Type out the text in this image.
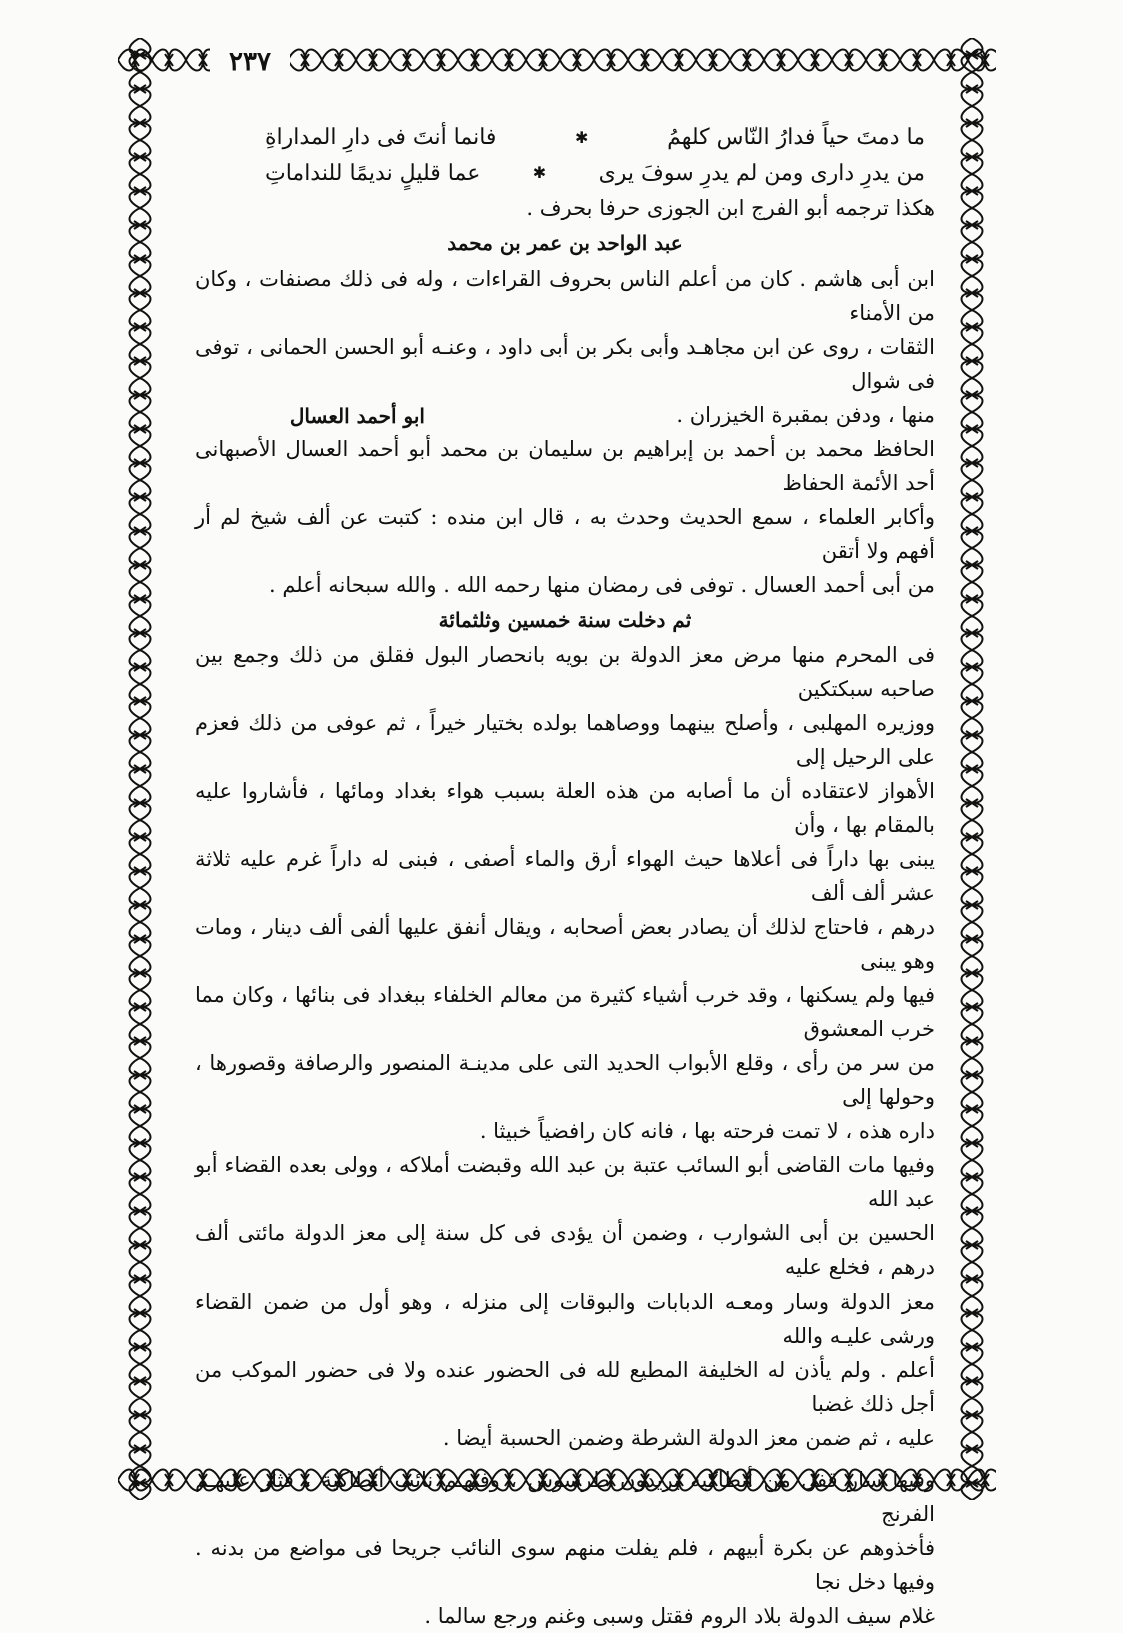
٢٣٧
ما دمتَ حياً فدارُ النّاس كلهمُ
✱
فانما أنتَ فى دارِ المداراةِ
من يدرِ دارى ومن لم يدرِ سوفَ يرى
✱
عما قليلٍ نديمًا للنداماتِ
هكذا ترجمه أبو الفرج ابن الجوزى حرفا بحرف .
عبد الواحد بن عمر بن محمد
ابن أبى هاشم . كان من أعلم الناس بحروف القراءات ، وله فى ذلك مصنفات ، وكان من الأمناء
الثقات ، روى عن ابن مجاهـد وأبى بكر بن أبى داود ، وعنـه أبو الحسن الحمانى ، توفى فى شوال
منها ، ودفن بمقبرة الخيزران .
ابو أحمد العسال
الحافظ محمد بن أحمد بن إبراهيم بن سليمان بن محمد أبو أحمد العسال الأصبهانى أحد الأئمة الحفاظ
وأكابر العلماء ، سمع الحديث وحدث به ، قال ابن منده : كتبت عن ألف شيخ لم أر أفهم ولا أتقن
من أبى أحمد العسال . توفى فى رمضان منها رحمه الله . والله سبحانه أعلم .
ثم دخلت سنة خمسين وثلثمائة
فى المحرم منها مرض معز الدولة بن بويه بانحصار البول فقلق من ذلك وجمع بين صاحبه سبكتكين
ووزيره المهلبى ، وأصلح بينهما ووصاهما بولده بختيار خيراً ، ثم عوفى من ذلك فعزم على الرحيل إلى
الأهواز لاعتقاده أن ما أصابه من هذه العلة بسبب هواء بغداد ومائها ، فأشاروا عليه بالمقام بها ، وأن
يبنى بها داراً فى أعلاها حيث الهواء أرق والماء أصفى ، فبنى له داراً غرم عليه ثلاثة عشر ألف ألف
درهم ، فاحتاج لذلك أن يصادر بعض أصحابه ، ويقال أنفق عليها ألفى ألف دينار ، ومات وهو يبنى
فيها ولم يسكنها ، وقد خرب أشياء كثيرة من معالم الخلفاء ببغداد فى بنائها ، وكان مما خرب المعشوق
من سر من رأى ، وقلع الأبواب الحديد التى على مدينـة المنصور والرصافة وقصورها ، وحولها إلى
داره هذه ، لا تمت فرحته بها ، فانه كان رافضياً خبيثا .
وفيها مات القاضى أبو السائب عتبة بن عبد الله وقبضت أملاكه ، وولى بعده القضاء أبو عبد الله
الحسين بن أبى الشوارب ، وضمن أن يؤدى فى كل سنة إلى معز الدولة مائتى ألف درهم ، فخلع عليه
معز الدولة وسار ومعـه الدبابات والبوقات إلى منزله ، وهو أول من ضمن القضاء ورشى عليـه والله
أعلم . ولم يأذن له الخليفة المطيع لله فى الحضور عنده ولا فى حضور الموكب من أجل ذلك غضبا
عليه ، ثم ضمن معز الدولة الشرطة وضمن الحسبة أيضا .
وفيها سار قفل من أنطاكية يريدون طرسوس ، وفيهـم نائب أنطاكية ، فثار عليهـم الفرنج
فأخذوهم عن بكرة أبيهم ، فلم يفلت منهم سوى النائب جريحا فى مواضع من بدنه . وفيها دخل نجا
غلام سيف الدولة بلاد الروم فقتل وسبى وغنم ورجع سالما .
